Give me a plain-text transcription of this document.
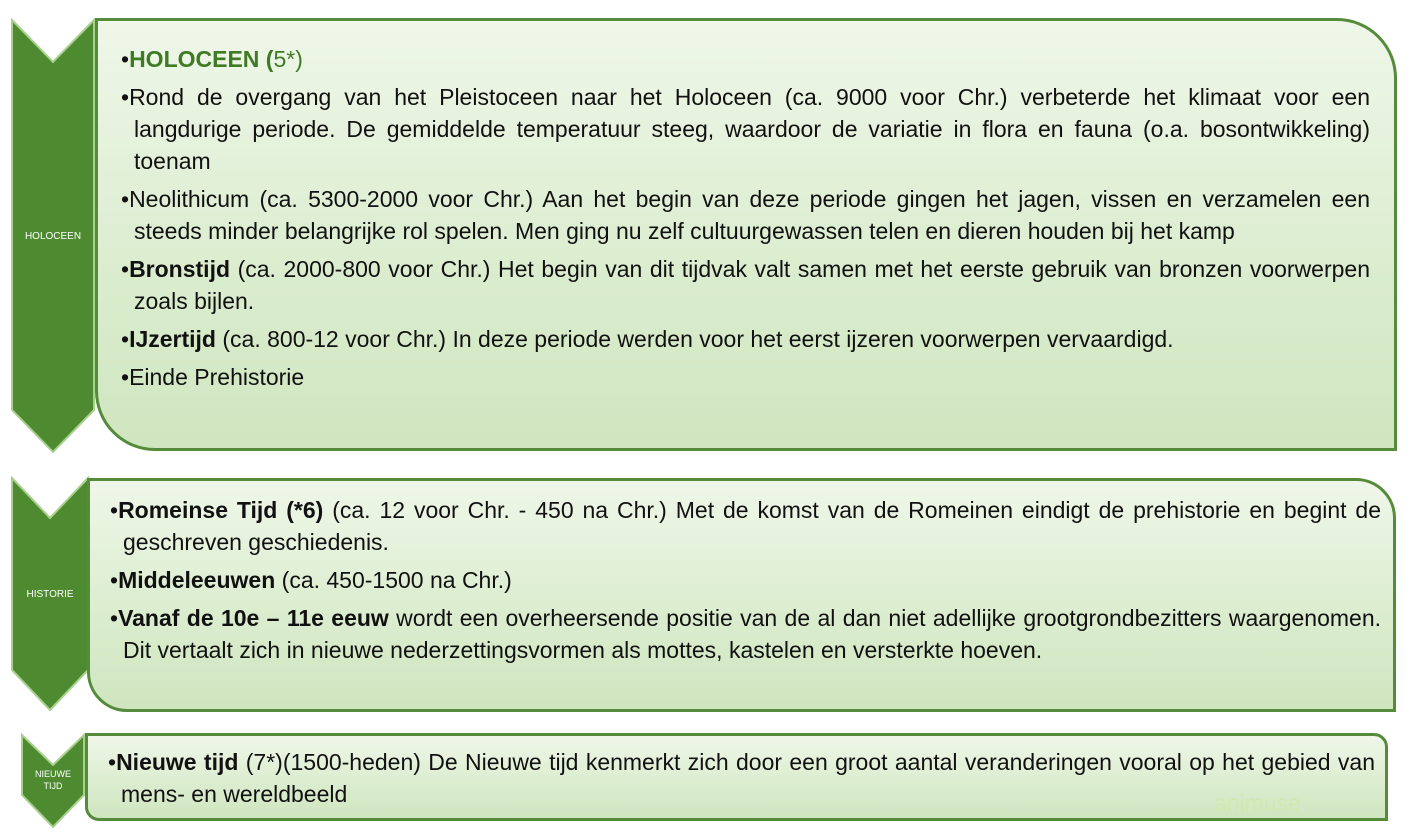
HOLOCEEN
•HOLOCEEN (5*)
•Rond de overgang van het Pleistoceen naar het Holoceen (ca. 9000 voor Chr.) verbeterde het klimaat voor een langdurige periode. De gemiddelde temperatuur steeg, waardoor de variatie in flora en fauna (o.a. bosontwikkeling) toenam
•Neolithicum (ca. 5300-2000 voor Chr.) Aan het begin van deze periode gingen het jagen, vissen en verzamelen een steeds minder belangrijke rol spelen. Men ging nu zelf cultuurgewassen telen en dieren houden bij het kamp
•Bronstijd (ca. 2000-800 voor Chr.) Het begin van dit tijdvak valt samen met het eerste gebruik van bronzen voorwerpen zoals bijlen.
•IJzertijd (ca. 800-12 voor Chr.) In deze periode werden voor het eerst ijzeren voorwerpen vervaardigd.
•Einde Prehistorie
HISTORIE
•Romeinse Tijd (*6) (ca. 12 voor Chr. - 450 na Chr.) Met de komst van de Romeinen eindigt de prehistorie en begint de geschreven geschiedenis.
•Middeleeuwen (ca. 450-1500 na Chr.)
•Vanaf de 10e – 11e eeuw wordt een overheersende positie van de al dan niet adellijke grootgrondbezitters waargenomen. Dit vertaalt zich in nieuwe nederzettingsvormen als mottes, kastelen en versterkte hoeven.
NIEUWE
TIJD
•Nieuwe tijd (7*)(1500-heden) De Nieuwe tijd kenmerkt zich door een groot aantal veranderingen vooral op het gebied van mens- en wereldbeeld	animuse
